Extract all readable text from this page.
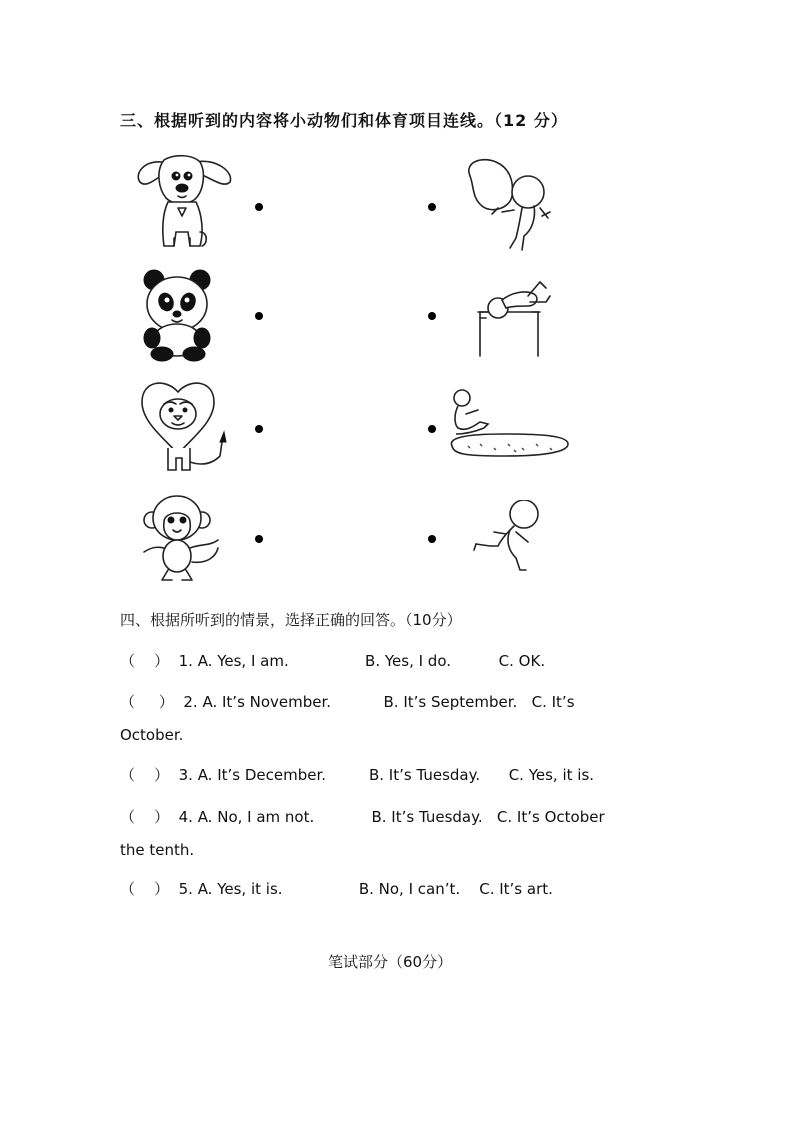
三、根据听到的内容将小动物们和体育项目连线。（12 分）
四、根据所听到的情景，选择正确的回答。（10分）
（    ）  1. A. Yes, I am.                B. Yes, I do.          C. OK.
（     ）  2. A. It’s November.           B. It’s September.   C. It’s
October.
（    ）  3. A. It’s December.         B. It’s Tuesday.      C. Yes, it is.
（    ）  4. A. No, I am not.            B. It’s Tuesday.   C. It’s October
the tenth.
（    ）  5. A. Yes, it is.                B. No, I can’t.    C. It’s art.
笔试部分（60分）
